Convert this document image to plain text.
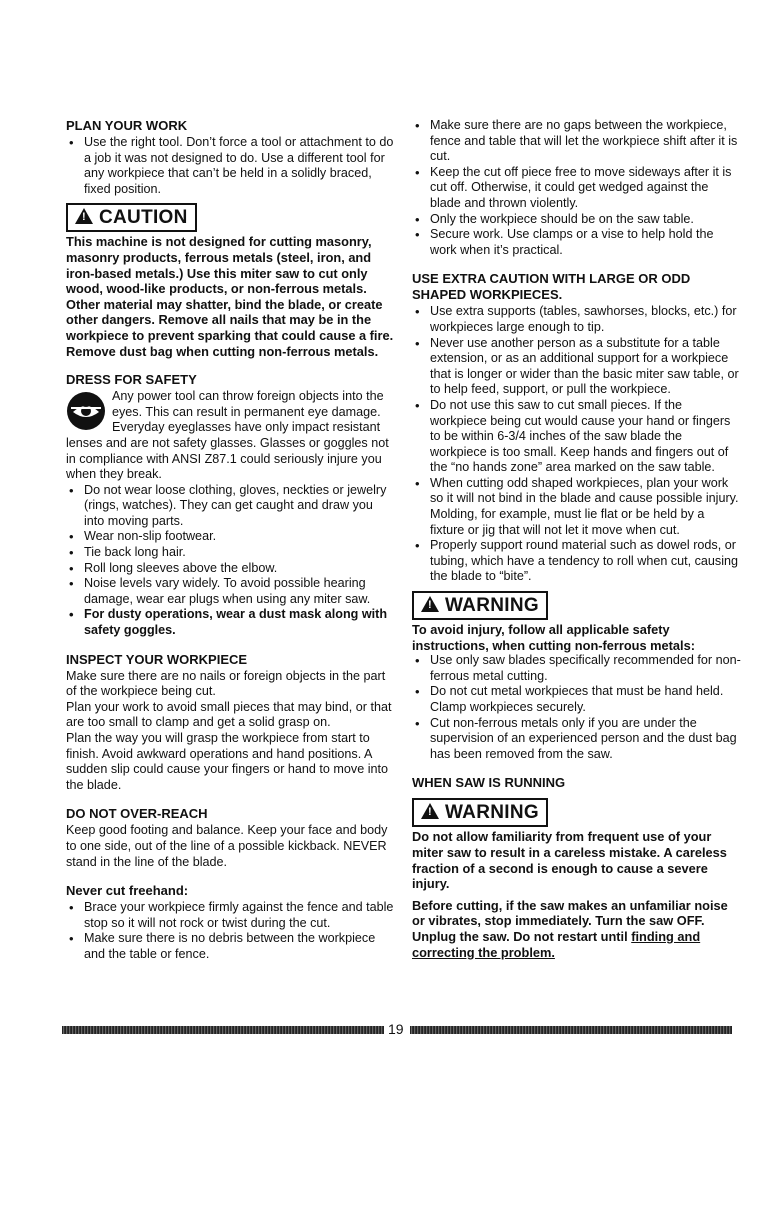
PLAN YOUR WORK
• Use the right tool. Don’t force a tool or attachment to do a job it was not designed to do. Use a different tool for any workpiece that can’t be held in a solidly braced, fixed position.
! CAUTION

This machine is not designed for cutting masonry, masonry products, ferrous metals (steel, iron, and iron-based metals.) Use this miter saw to cut only wood, wood-like products, or non-ferrous metals. Other material may shatter, bind the blade, or create other dangers. Remove all nails that may be in the workpiece to prevent sparking that could cause a fire. Remove dust bag when cutting non-ferrous metals.

DRESS FOR SAFETY

Any power tool can throw foreign objects into the eyes. This can result in permanent eye damage. Everyday eyeglasses have only impact resistant lenses and are not safety glasses. Glasses or goggles not in compliance with ANSI Z87.1 could seriously injure you when they break.

• Do not wear loose clothing, gloves, neckties or jewelry (rings, watches). They can get caught and draw you into moving parts.
• Wear non-slip footwear.
• Tie back long hair.
• Roll long sleeves above the elbow.
• Noise levels vary widely. To avoid possible hearing damage, wear ear plugs when using any miter saw.
• For dusty operations, wear a dust mask along with safety goggles.
INSPECT YOUR WORKPIECE

Make sure there are no nails or foreign objects in the part of the workpiece being cut.

Plan your work to avoid small pieces that may bind, or that are too small to clamp and get a solid grasp on.

Plan the way you will grasp the workpiece from start to finish. Avoid awkward operations and hand positions. A sudden slip could cause your fingers or hand to move into the blade.

DO NOT OVER-REACH

Keep good footing and balance. Keep your face and body to one side, out of the line of a possible kickback. NEVER stand in the line of the blade.

Never cut freehand:
• Brace your workpiece firmly against the fence and table stop so it will not rock or twist during the cut.
• Make sure there is no debris between the workpiece and the table or fence.
• Make sure there are no gaps between the workpiece, fence and table that will let the workpiece shift after it is cut.
• Keep the cut off piece free to move sideways after it is cut off. Otherwise, it could get wedged against the blade and thrown violently.
• Only the workpiece should be on the saw table.
• Secure work. Use clamps or a vise to help hold the work when it’s practical.
USE EXTRA CAUTION WITH LARGE OR ODD SHAPED WORKPIECES.
• Use extra supports (tables, sawhorses, blocks, etc.) for workpieces large enough to tip.
• Never use another person as a substitute for a table extension, or as an additional support for a workpiece that is longer or wider than the basic miter saw table, or to help feed, support, or pull the workpiece.
• Do not use this saw to cut small pieces. If the workpiece being cut would cause your hand or fingers to be within 6-3/4 inches of the saw blade the workpiece is too small. Keep hands and fingers out of the “no hands zone” area marked on the saw table.
• When cutting odd shaped workpieces, plan your work so it will not bind in the blade and cause possible injury. Molding, for example, must lie flat or be held by a fixture or jig that will not let it move when cut.
• Properly support round material such as dowel rods, or tubing, which have a tendency to roll when cut, causing the blade to “bite”.
! WARNING

To avoid injury, follow all applicable safety instructions, when cutting non-ferrous metals:

• Use only saw blades specifically recommended for non-ferrous metal cutting.
• Do not cut metal workpieces that must be hand held. Clamp workpieces securely.
• Cut non-ferrous metals only if you are under the supervision of an experienced person and the dust bag has been removed from the saw.
WHEN SAW IS RUNNING
! WARNING

Do not allow familiarity from frequent use of your miter saw to result in a careless mistake. A careless fraction of a second is enough to cause a severe injury.

Before cutting, if the saw makes an unfamiliar noise or vibrates, stop immediately. Turn the saw OFF. Unplug the saw. Do not restart until finding and correcting the problem.

19
